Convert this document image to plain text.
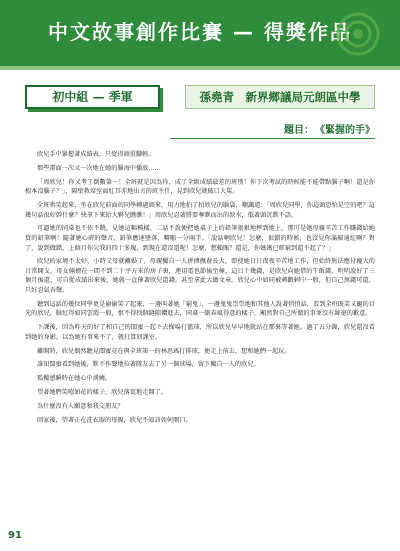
中文故事創作比賽 — 得獎作品
初中組 — 季軍	孫堯青　新界鄉議局元朗區中學
題目： 《緊握的手》

欣兒手中緊握著成績表，只覺得頭重腳輕。

那些畫面一次又一次地在她的腦海中播放……

「周欣兒！你又考了倒數第一！全班就是因為你，成了全級成績最差的班別！你下次考試的時候能不能帶點腦子啊！還是你根本沒腦子？」，隔壁教席室面紅耳赤地出言的班主任，見到欣兒就破口大罵。

全班哄笑起來，坐在欣兒前面的同學轉過頭來，用力地拍了拍欣兒的腦袋，嘲諷道：「周欣兒同學，你這頭恐怕是空的吧？這幾句話很好幹什麼？快拿下來給大夥兒瞧瞧！」周欣兒忍著將要奪眶而出的淚水，低著頭沉默不語。

可遺她的同桌也不依不饒，見她這幅模樣，二話不說便把她桌子上的鉛筆狠狠地摔到地上，那可是她母親辛苦工作賺錢給她買的鉛筆啊！隨著她心碎的聲音，鉛筆應速墜落，噼啪一分兩半。「說話啊欣兒！怎麼，很錯的時候，也沒見你滿臉通紅啊？對了，說到做錯，上個月你欠我的四十多塊，到現在還沒還呢！怎麼，想賴賬？還是，你媽媽已經窮到還不起了？」

欣兒的家境不太好，小時父母就離婚了，母親獨自一人拼搏撫養長大，即使她日日夜夜辛苦地工作，但始終無法應付龐大的日常開支，母女倆擠在一間不到二十平方米的房子裏，連用電也節儉至極，這日十幾錢，是欣兒向她借的午飯錢，明明說好了三個月後還，可自從成績出來後，她就一直催著欣兒還錢，甚至拿此大做文章。欣兒心中如同被刺戳刺中一般，但自己無錢可還，只好忍氣吞聲。

聽到這話的幾位同學更是偷偷笑了起來，一邊叫著她「窮鬼」，一邊鬼鬼祟祟地和其他人說著悄悄話，看到全班既笑又寵的目光的欣兒，臉紅得如同雲霞一般，恨不得找個縫隙鑽進去，同桌一副春風得意的樣子，顯然對自己所做的事並沒有絲毫的歉意。

下課後，因為昨天的好了和自己的閨蜜一起下去操場打籃球，所以欣兒早早地就站在那裏等著她。過了五分鐘，欣兒還沒看到她的身影，以為她有事來不了，就打算回課室。

離開時，欣兒偶然聽見閨蜜竟在與全班第一的林思瑤打排球，便走上前去，想和她們一起玩。

誰知閨蜜看到她後，默不作聲地拉著隊友去了另一個球場，留下獨自一人的欣兒。

孤獨感瞬時在她心中湧繞。

望著她們笑嘻如花的樣子，欣兒落寞地走開了。

為什麼沒有人願意和我交朋友？

回家後，望著正在洗衣服的母親，欣兒不知該如何開口。

91
